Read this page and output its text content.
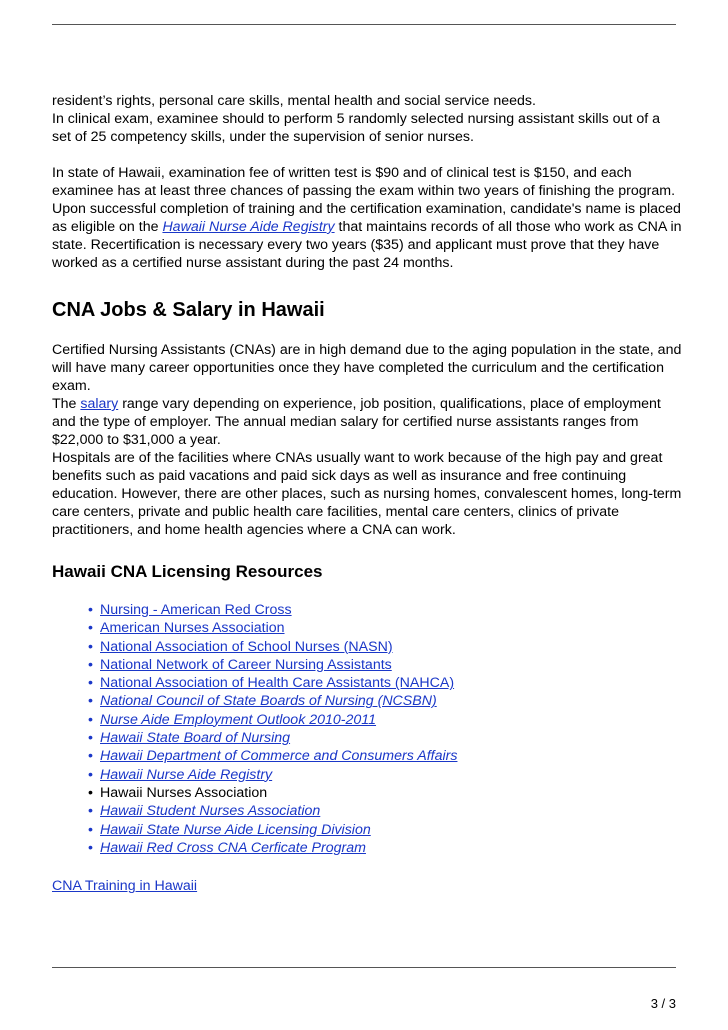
resident’s rights, personal care skills, mental health and social service needs.
In clinical exam, examinee should to perform 5 randomly selected nursing assistant skills out of a set of 25 competency skills, under the supervision of senior nurses.

In state of Hawaii, examination fee of written test is $90 and of clinical test is $150, and each examinee has at least three chances of passing the exam within two years of finishing the program.

Upon successful completion of training and the certification examination, candidate's name is placed as eligible on the Hawaii Nurse Aide Registry that maintains records of all those who work as CNA in state. Recertification is necessary every two years ($35) and applicant must prove that they have worked as a certified nurse assistant during the past 24 months.

CNA Jobs & Salary in Hawaii

Certified Nursing Assistants (CNAs) are in high demand due to the aging population in the state, and will have many career opportunities once they have completed the curriculum and the certification exam.

The salary range vary depending on experience, job position, qualifications, place of employment and the type of employer. The annual median salary for certified nurse assistants ranges from $22,000 to $31,000 a year.

Hospitals are of the facilities where CNAs usually want to work because of the high pay and great benefits such as paid vacations and paid sick days as well as insurance and free continuing education. However, there are other places, such as nursing homes, convalescent homes, long-term care centers, private and public health care facilities, mental care centers, clinics of private practitioners, and home health agencies where a CNA can work.

Hawaii CNA Licensing Resources
• Nursing - American Red Cross
• American Nurses Association
• National Association of School Nurses (NASN)
• National Network of Career Nursing Assistants
• National Association of Health Care Assistants (NAHCA)
• National Council of State Boards of Nursing (NCSBN)
• Nurse Aide Employment Outlook 2010-2011
• Hawaii State Board of Nursing
• Hawaii Department of Commerce and Consumers Affairs
• Hawaii Nurse Aide Registry
• Hawaii Nurses Association
• Hawaii Student Nurses Association
• Hawaii State Nurse Aide Licensing Division
• Hawaii Red Cross CNA Cerficate Program

CNA Training in Hawaii

3 / 3
